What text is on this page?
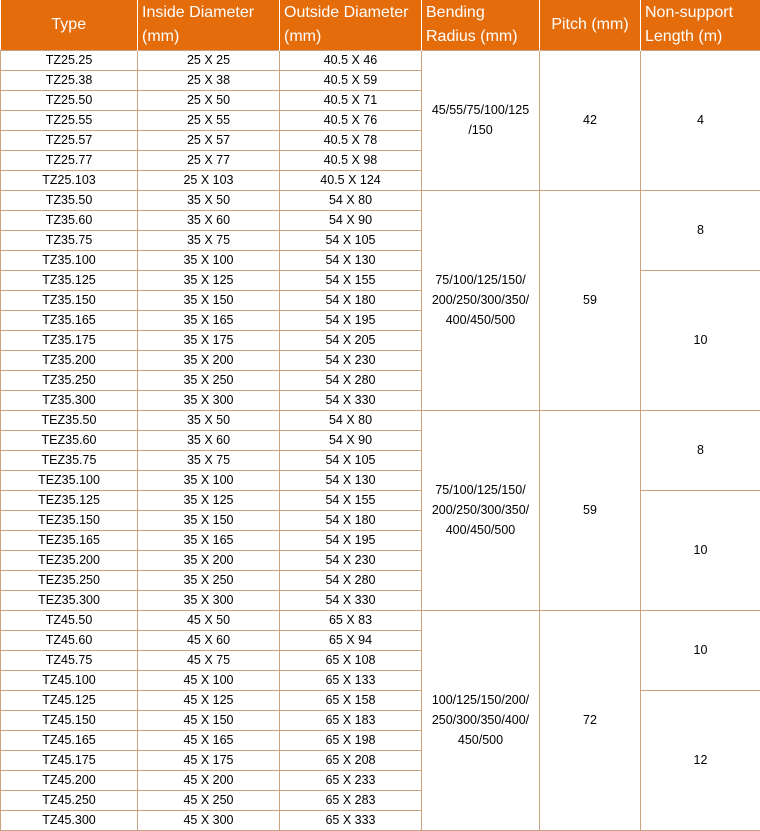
Type	Inside Diameter (mm)	Outside Diameter (mm)	Bending Radius (mm)	Pitch (mm)	Non-support Length (m)
TZ25.25	25 X 25	40.5 X 46	45/55/75/100/125 /150	42	4
TZ25.38	25 X 38	40.5 X 59			
TZ25.50	25 X 50	40.5 X 71			
TZ25.55	25 X 55	40.5 X 76			
TZ25.57	25 X 57	40.5 X 78			
TZ25.77	25 X 77	40.5 X 98			
TZ25.103	25 X 103	40.5 X 124			
TZ35.50	35 X 50	54 X 80	75/100/125/150/ 200/250/300/350/ 400/450/500	59	8
TZ35.60	35 X 60	54 X 90			
TZ35.75	35 X 75	54 X 105			
TZ35.100	35 X 100	54 X 130			
TZ35.125	35 X 125	54 X 155			10
TZ35.150	35 X 150	54 X 180			
TZ35.165	35 X 165	54 X 195			
TZ35.175	35 X 175	54 X 205			
TZ35.200	35 X 200	54 X 230			
TZ35.250	35 X 250	54 X 280			
TZ35.300	35 X 300	54 X 330			
TEZ35.50	35 X 50	54 X 80	75/100/125/150/ 200/250/300/350/ 400/450/500	59	8
TEZ35.60	35 X 60	54 X 90			
TEZ35.75	35 X 75	54 X 105			
TEZ35.100	35 X 100	54 X 130			
TEZ35.125	35 X 125	54 X 155			10
TEZ35.150	35 X 150	54 X 180			
TEZ35.165	35 X 165	54 X 195			
TEZ35.200	35 X 200	54 X 230			
TEZ35.250	35 X 250	54 X 280			
TEZ35.300	35 X 300	54 X 330			
TZ45.50	45 X 50	65 X 83	100/125/150/200/ 250/300/350/400/ 450/500	72	10
TZ45.60	45 X 60	65 X 94			
TZ45.75	45 X 75	65 X 108			
TZ45.100	45 X 100	65 X 133			
TZ45.125	45 X 125	65 X 158			12
TZ45.150	45 X 150	65 X 183			
TZ45.165	45 X 165	65 X 198			
TZ45.175	45 X 175	65 X 208			
TZ45.200	45 X 200	65 X 233			
TZ45.250	45 X 250	65 X 283			
TZ45.300	45 X 300	65 X 333			
